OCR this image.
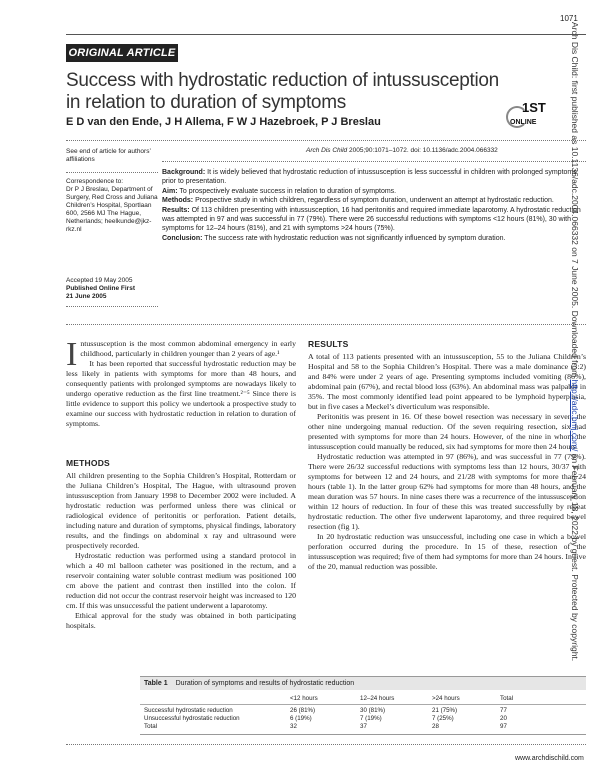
1071
ORIGINAL ARTICLE
Success with hydrostatic reduction of intussusception
in relation to duration of symptoms
E D van den Ende, J H Allema, F W J Hazebroek, P J Breslau
1ST
ONLINE
See end of article for authors’ affiliations
Correspondence to:
Dr P J Breslau, Department of Surgery, Red Cross and Juliana Children’s Hospital, Sportlaan 600, 2566 MJ The Hague, Netherlands; heelkunde@jkz-rkz.nl
Accepted 19 May 2005
Published Online First
21 June 2005
Arch Dis Child 2005;90:1071–1072. doi: 10.1136/adc.2004.066332

Background: It is widely believed that hydrostatic reduction of intussusception is less successful in children with prolonged symptoms prior to presentation.

Aim: To prospectively evaluate success in relation to duration of symptoms.

Methods: Prospective study in which children, regardless of symptom duration, underwent an attempt at hydrostatic reduction.

Results: Of 113 children presenting with intussusception, 16 had peritonitis and required immediate laparotomy. A hydrostatic reduction was attempted in 97 and was successful in 77 (79%). There were 26 successful reductions with symptoms <12 hours (81%), 30 with symptoms for 12–24 hours (81%), and 21 with symptoms >24 hours (75%).

Conclusion: The success rate with hydrostatic reduction was not significantly influenced by symptom duration.

Intussusception is the most common abdominal emergency in early childhood, particularly in children younger than 2 years of age.¹

It has been reported that successful hydrostatic reduction may be less likely in patients with symptoms for more than 48 hours, and consequently patients with prolonged symptoms are nowadays likely to undergo operative reduction as the first line treatment.²⁻⁵ Since there is little evidence to support this policy we undertook a prospective study to examine our success with hydrostatic reduction in relation to duration of symptoms.

METHODS

All children presenting to the Sophia Children’s Hospital, Rotterdam or the Juliana Children’s Hospital, The Hague, with ultrasound proven intussusception from January 1998 to December 2002 were included. A hydrostatic reduction was performed unless there was clinical or radiological evidence of peritonitis or perforation. Patient details, including nature and duration of symptoms, physical findings, laboratory results, and the findings on abdominal x ray and ultrasound were prospectively recorded.

Hydrostatic reduction was performed using a standard protocol in which a 40 ml balloon catheter was positioned in the rectum, and a reservoir containing water soluble contrast medium was positioned 100 cm above the patient and contrast then instilled into the colon. If reduction did not occur the contrast reservoir height was increased to 120 cm. If this was unsuccessful the patient underwent a laparotomy.

Ethical approval for the study was obtained in both participating hospitals.

RESULTS

A total of 113 patients presented with an intussusception, 55 to the Juliana Children’s Hospital and 58 to the Sophia Children’s Hospital. There was a male dominance (3:2) and 84% were under 2 years of age. Presenting symptoms included vomiting (86%), abdominal pain (67%), and rectal blood loss (63%). An abdominal mass was palpable in 35%. The most commonly identified lead point appeared to be lymphoid hyperplasia, but in five cases a Meckel’s diverticulum was responsible.

Peritonitis was present in 16. Of these bowel resection was necessary in seven, the other nine undergoing manual reduction. Of the seven requiring resection, six had presented with symptoms for more than 24 hours. However, of the nine in whom the intussusception could manually be reduced, six had symptoms for more then 24 hours.

Hydrostatic reduction was attempted in 97 (86%), and was successful in 77 (79%). There were 26/32 successful reductions with symptoms less than 12 hours, 30/37 with symptoms for between 12 and 24 hours, and 21/28 with symptoms for more than 24 hours (table 1). In the latter group 62% had symptoms for more than 48 hours, and the mean duration was 57 hours. In nine cases there was a recurrence of the intussusception within 12 hours of reduction. In four of these this was treated successfully by repeat hydrostatic reduction. The other five underwent laparotomy, and three required bowel resection (fig 1).

In 20 hydrostatic reduction was unsuccessful, including one case in which a bowel perforation occurred during the procedure. In 15 of these, resection of the intussusception was required; five of them had symptoms for more than 24 hours. In five of the 20, manual reduction was possible.

Table 1 Duration of symptoms and results of hydrostatic reduction
<12 hours	12–24 hours	>24 hours	Total
Successful hydrostatic reduction	26 (81%)	30 (81%)	21 (75%)	77
Unsuccessful hydrostatic reduction	6 (19%)	7 (19%)	7 (25%)	20
Total	32	37	28	97
www.archdischild.com
Arch Dis Child: first published as 10.1136/adc.2004.066332 on 7 June 2005. Downloaded from http://adc.bmj.com/ on February 18, 2022 by guest. Protected by copyright.
